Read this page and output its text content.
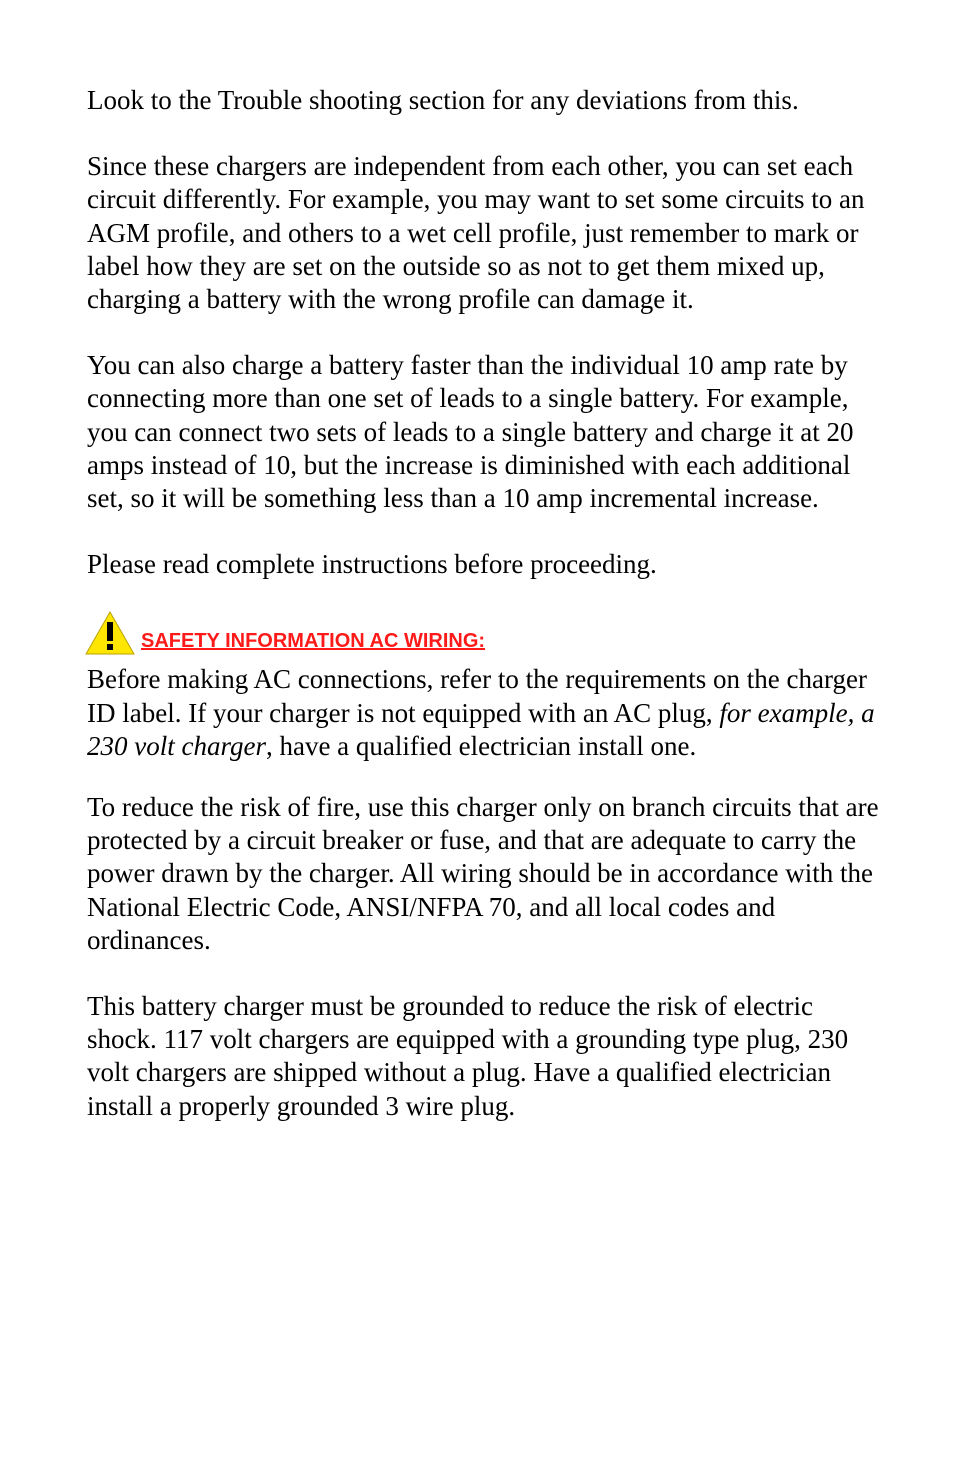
Look to the Trouble shooting section for any deviations from this.

Since these chargers are independent from each other, you can set each circuit differently. For example, you may want to set some circuits to an AGM profile, and others to a wet cell profile, just remember to mark or label how they are set on the outside so as not to get them mixed up, charging a battery with the wrong profile can damage it.

You can also charge a battery faster than the individual 10 amp rate by connecting more than one set of leads to a single battery. For example, you can connect two sets of leads to a single battery and charge it at 20 amps instead of 10, but the increase is diminished with each additional set, so it will be something less than a 10 amp incremental increase.

Please read complete instructions before proceeding.

SAFETY INFORMATION AC WIRING:

Before making AC connections, refer to the requirements on the charger ID label. If your charger is not equipped with an AC plug, for example, a 230 volt charger, have a qualified electrician install one.

To reduce the risk of fire, use this charger only on branch circuits that are protected by a circuit breaker or fuse, and that are adequate to carry the power drawn by the charger. All wiring should be in accordance with the National Electric Code, ANSI/NFPA 70, and all local codes and ordinances.

This battery charger must be grounded to reduce the risk of electric shock. 117 volt chargers are equipped with a grounding type plug, 230 volt chargers are shipped without a plug. Have a qualified electrician install a properly grounded 3 wire plug.
